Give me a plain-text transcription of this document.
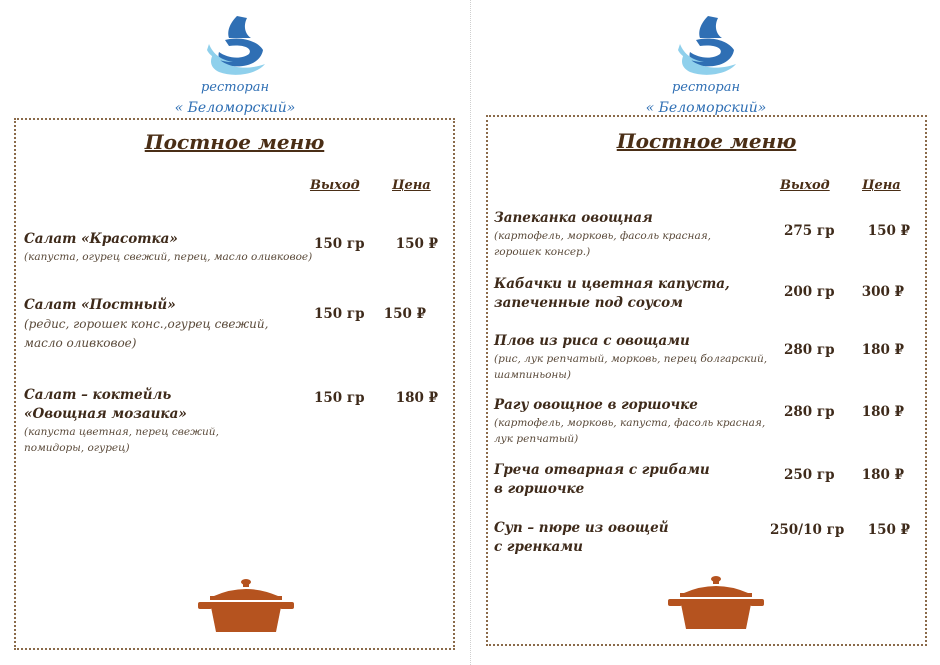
ресторан
« Беломорский»
Постное меню
Выход Цена

Салат «Красотка»

(капуста, огурец свежий, перец, масло оливковое)

150 гр	150 ₽

Салат «Постный»

(редис, горошек конс.,огурец свежий,
масло оливковое)

150 гр	150 ₽

Салат – коктейль
«Овощная мозаика»

(капуста цветная, перец свежий,
помидоры, огурец)

150 гр	180 ₽
ресторан
« Беломорский»
Постное меню
Выход Цена

Запеканка овощная

(картофель, морковь, фасоль красная,
горошек консер.)

275 гр	150 ₽

Кабачки и цветная капуста,
запеченные под соусом

200 гр	300 ₽

Плов из риса с овощами

(рис, лук репчатый, морковь, перец болгарский,
шампиньоны)

280 гр	180 ₽

Рагу овощное в горшочке

(картофель, морковь, капуста, фасоль красная,
лук репчатый)

280 гр	180 ₽

Греча отварная с грибами
в горшочке

250 гр	180 ₽

Суп – пюре из овощей
с гренками

250/10 гр	150 ₽
